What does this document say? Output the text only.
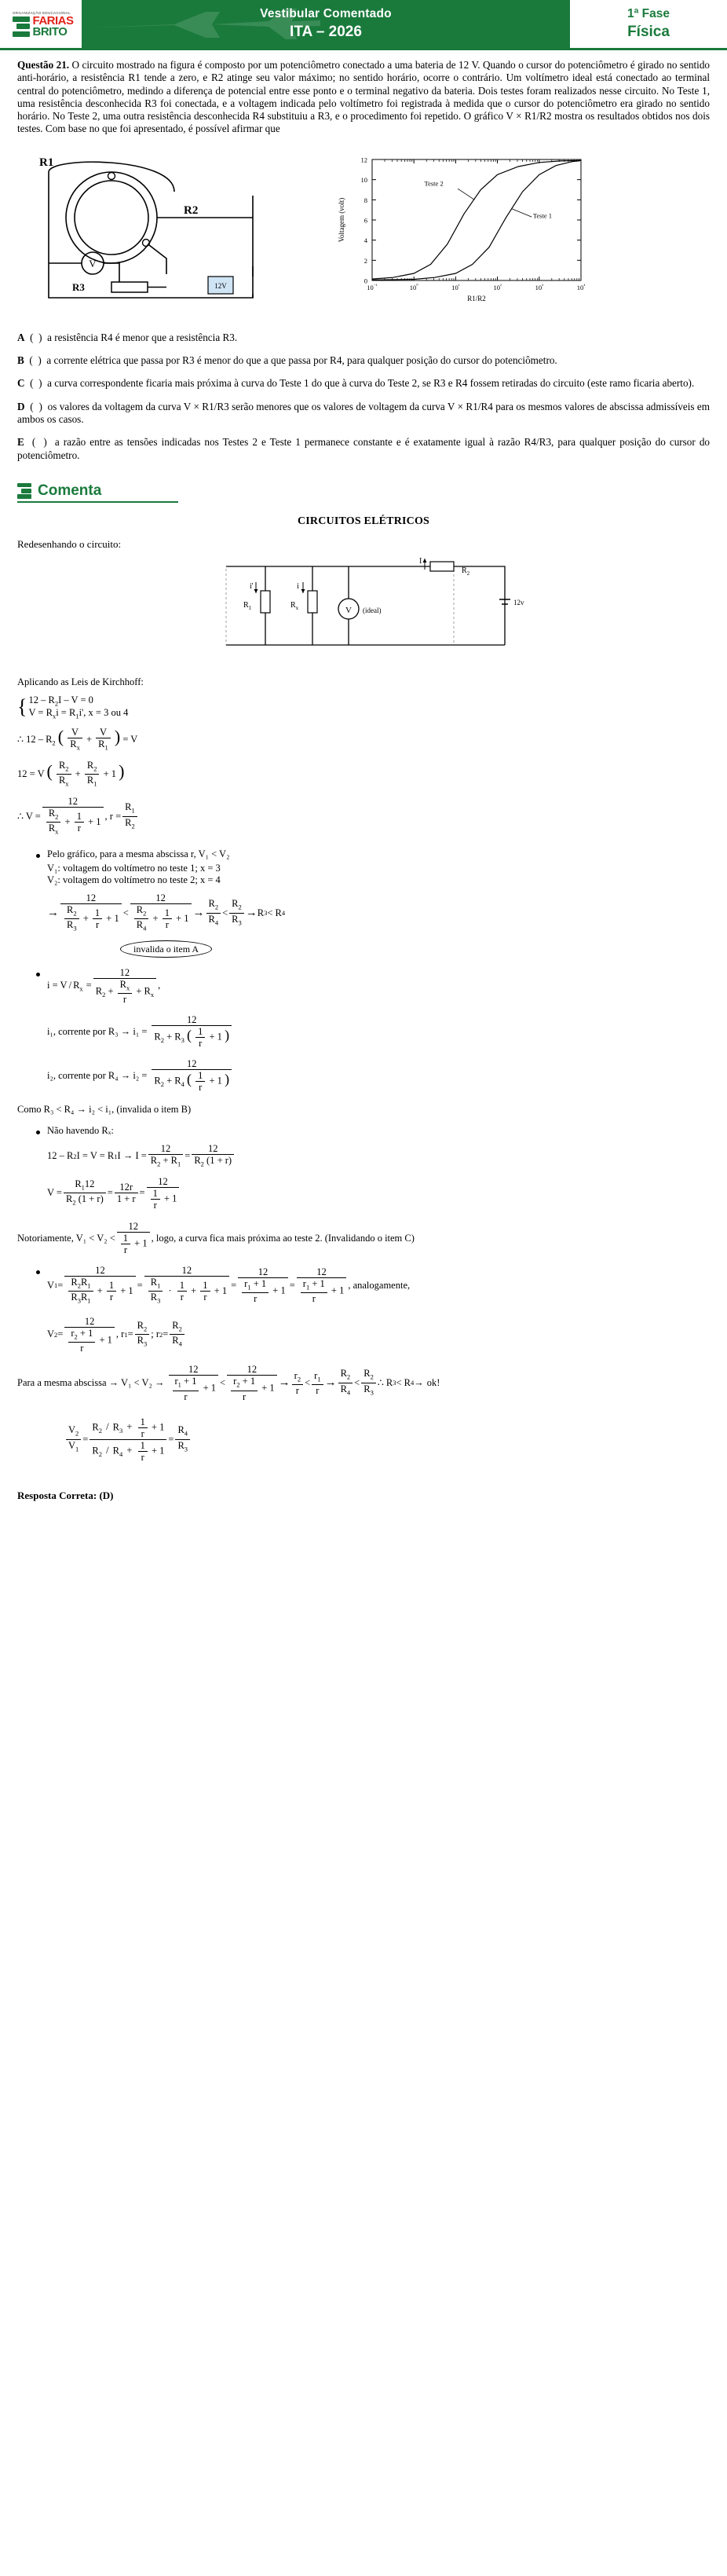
ORGANIZAÇÃO EDUCACIONAL
FARIAS
BRITO
Vestibular Comentado
ITA – 2026
1ª Fase
Física
Questão 21. O circuito mostrado na figura é composto por um potenciômetro conectado a uma bateria de 12 V. Quando o cursor do potenciômetro é girado no sentido anti-horário, a resistência R1 tende a zero, e R2 atinge seu valor máximo; no sentido horário, ocorre o contrário. Um voltímetro ideal está conectado ao terminal central do potenciômetro, medindo a diferença de potencial entre esse ponto e o terminal negativo da bateria. Dois testes foram realizados nesse circuito. No Teste 1, uma resistência desconhecida R3 foi conectada, e a voltagem indicada pelo voltímetro foi registrada à medida que o cursor do potenciômetro era girado no sentido horário. No Teste 2, uma outra resistência desconhecida R4 substituiu a R3, e o procedimento foi repetido. O gráfico V × R1/R2 mostra os resultados obtidos nos dois testes. Com base no que foi apresentado, é possível afirmar que
V
12V
R1
R2
R3
0
2
4
6
8
10
12
$10^{^{-1}}$	$10^{^0}$	$10^{^1}$	$10^{^2}$	$10^{^3}$	$10^{^4}$
R1/R2
Voltagem (volt)
Teste 2
Teste 1
A  (  )  a resistência R4 é menor que a resistência R3.
B  (  )  a corrente elétrica que passa por R3 é menor do que a que passa por R4, para qualquer posição do cursor do potenciômetro.
C  (  )  a curva correspondente ficaria mais próxima à curva do Teste 1 do que à curva do Teste 2, se R3 e R4 fossem retiradas do circuito (este ramo ficaria aberto).
D  (  )  os valores da voltagem da curva V × R1/R3 serão menores que os valores de voltagem da curva V × R1/R4 para os mesmos valores de abscissa admissíveis em ambos os casos.
E  (  )  a razão entre as tensões indicadas nos Testes 2 e Teste 1 permanece constante e é exatamente igual à razão R4/R3, para qualquer posição do cursor do potenciômetro.
Comenta
CIRCUITOS ELÉTRICOS
Redesenhando o circuito:
$R_2$
$R_1$	$R_x$	V (ideal)
12v
i'	i
I
Aplicando as Leis de Kirchhoff:
{ $12 - R_2I - V = 0$
$V = R_xi = R_1i'$, x = 3 ou 4
∴ $12 - R_2$ ( $\frac{V}{R_x} + \frac{V}{R_1}$ ) = V
12 = V ( $\frac{R_2}{R_x} + \frac{R_2}{R_1} + 1$ )
∴ $V = \frac{12}{\frac{R_2}{R_x} + \frac{1}{r} + 1}$ , $r = \frac{R_1}{R_2}$
Pelo gráfico, para a mesma abscissa r, V₁ < V₂
V₁: voltagem do voltímetro no teste 1; x = 3
V₂: voltagem do voltímetro no teste 2; x = 4
→ $\frac{12}{\frac{R_2}{R_3} + \frac{1}{r} + 1} < \frac{12}{\frac{R_2}{R_4} + \frac{1}{r} + 1} \to \frac{R_2}{R_4} < \frac{R_2}{R_3} \to R$ 3 < R 4
invalida o item A
$i = V / R_x = \frac{12}{R_2 + \frac{R_x}{r} + R_x}$ ,
i₁, corrente por R₃ → i₁ =
12
$R_2 + R_3$ ( $\frac{1}{r} + 1$ )
i₂, corrente por R₄ → i₂ =
12
$R_2 + R_4$ ( $\frac{1}{r} + 1$ )
Como R₃ < R₄ → i₂ < i₁, (invalida o item B)
Não havendo Rₓ:
12 – R 2 I = V = R 1 $I \to I = \frac{12}{R_2 + R_1} = \frac{12}{R_2 (1 + r)}$
$V = \frac{R_112}{R_2 (1 + r)} = \frac{12r}{1 + r} = \frac{12}{\frac{1}{r} + 1}$
Notoriamente, $V_1 < V_2 < \frac{12}{\frac{1}{r} + 1}$ , logo, a curva fica mais próxima ao teste 2. (Invalidando o item C)
V $1 = \frac{12}{\frac{R_2R_1}{R_3R_1} + \frac{1}{r} + 1}$ =
12
$\frac{R_1}{R_3} \cdot \frac{1}{r} + \frac{1}{r} + 1 = \frac{12}{\frac{r_1 + 1}{r} + 1} = \frac{12}{\frac{r_1 + 1}{r} + 1}$ , analogamente,
V $2 = \frac{12}{\frac{r_2 + 1}{r} + 1}$ , r $1 = \frac{R_2}{R_3}$ ; r $2 = \frac{R_2}{R_4}$
Para a mesma abscissa → $V_1 < V_2 \to \frac{12}{\frac{r_1 + 1}{r} + 1} < \frac{12}{\frac{r_2 + 1}{r} + 1} \to \frac{r_2}{r} < \frac{r_1}{r} \to \frac{R_2}{R_4} < \frac{R_2}{R_3}$ ∴ R 3 < R 4 → ok!
$\frac{V_2}{V_1} = \frac{R_2 / R_3 + \frac{1}{r} + 1}{R_2 / R_4 + \frac{1}{r} + 1} = \frac{R_4}{R_3}$
Resposta Correta: (D)
